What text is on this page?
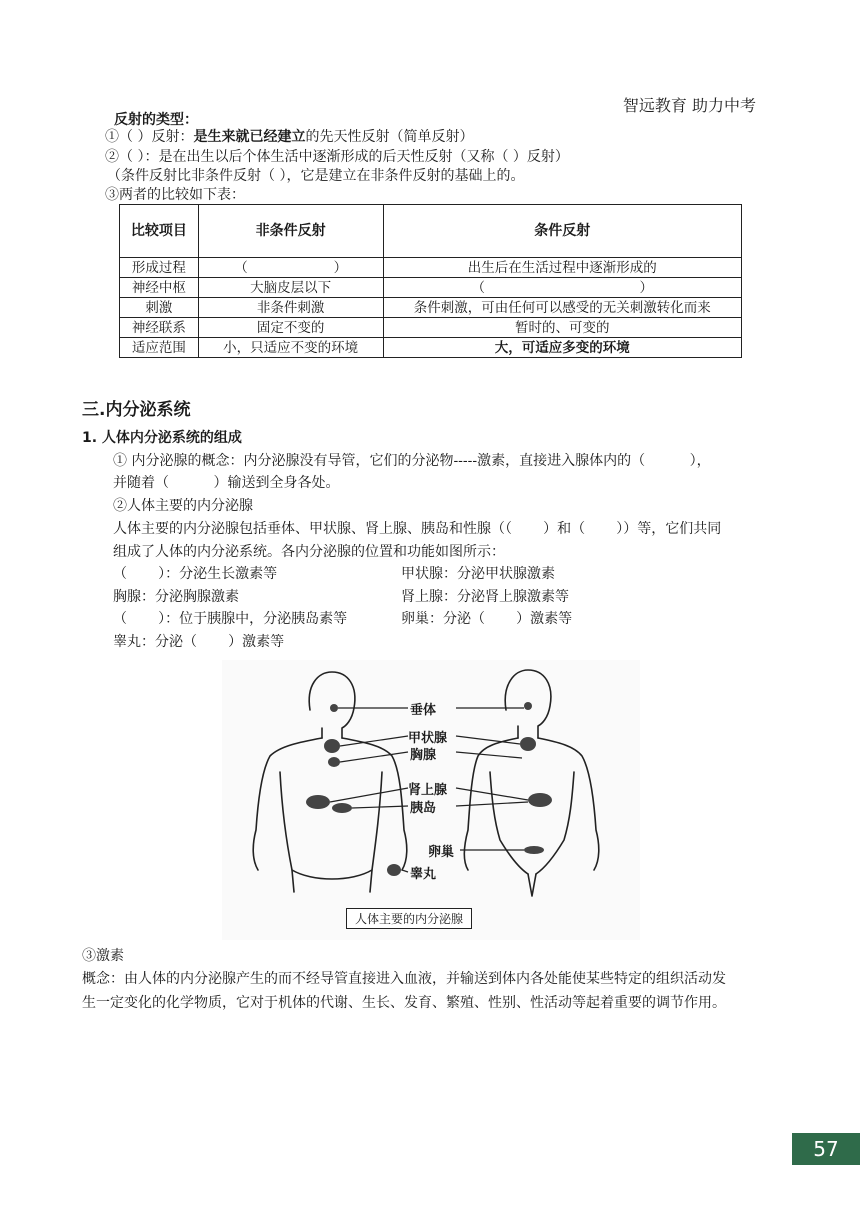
智远教育 助力中考
反射的类型：
①（ ）反射：是生来就已经建立的先天性反射（简单反射）
②（ ）：是在出生以后个体生活中逐渐形成的后天性反射（又称（ ）反射）
（条件反射比非条件反射（ ），它是建立在非条件反射的基础上的。
③两者的比较如下表：
比较项目	非条件反射	条件反射
形成过程	（                    ）	出生后在生活过程中逐渐形成的
神经中枢	大脑皮层以下	（                                    ）
刺激	非条件刺激	条件刺激，可由任何可以感受的无关刺激转化而来
神经联系	固定不变的	暂时的、可变的
适应范围	小，只适应不变的环境	大，可适应多变的环境
三.内分泌系统
1. 人体内分泌系统的组成
① 内分泌腺的概念：内分泌腺没有导管，它们的分泌物-----激素，直接进入腺体内的（          ），
并随着（          ）输送到全身各处。
②人体主要的内分泌腺
人体主要的内分泌腺包括垂体、甲状腺、肾上腺、胰岛和性腺（（       ）和（       ））等，它们共同
组成了人体的内分泌系统。各内分泌腺的位置和功能如图所示：
（       ）：分泌生长激素等
胸腺：分泌胸腺激素
（       ）：位于胰腺中，分泌胰岛素等
睾丸：分泌（       ）激素等
甲状腺：分泌甲状腺激素
肾上腺：分泌肾上腺激素等
卵巢：分泌（       ）激素等
垂体
甲状腺
胸腺
肾上腺
胰岛
卵巢
睾丸
人体主要的内分泌腺
③激素
概念：由人体的内分泌腺产生的而不经导管直接进入血液，并输送到体内各处能使某些特定的组织活动发
生一定变化的化学物质，它对于机体的代谢、生长、发育、繁殖、性别、性活动等起着重要的调节作用。
57
